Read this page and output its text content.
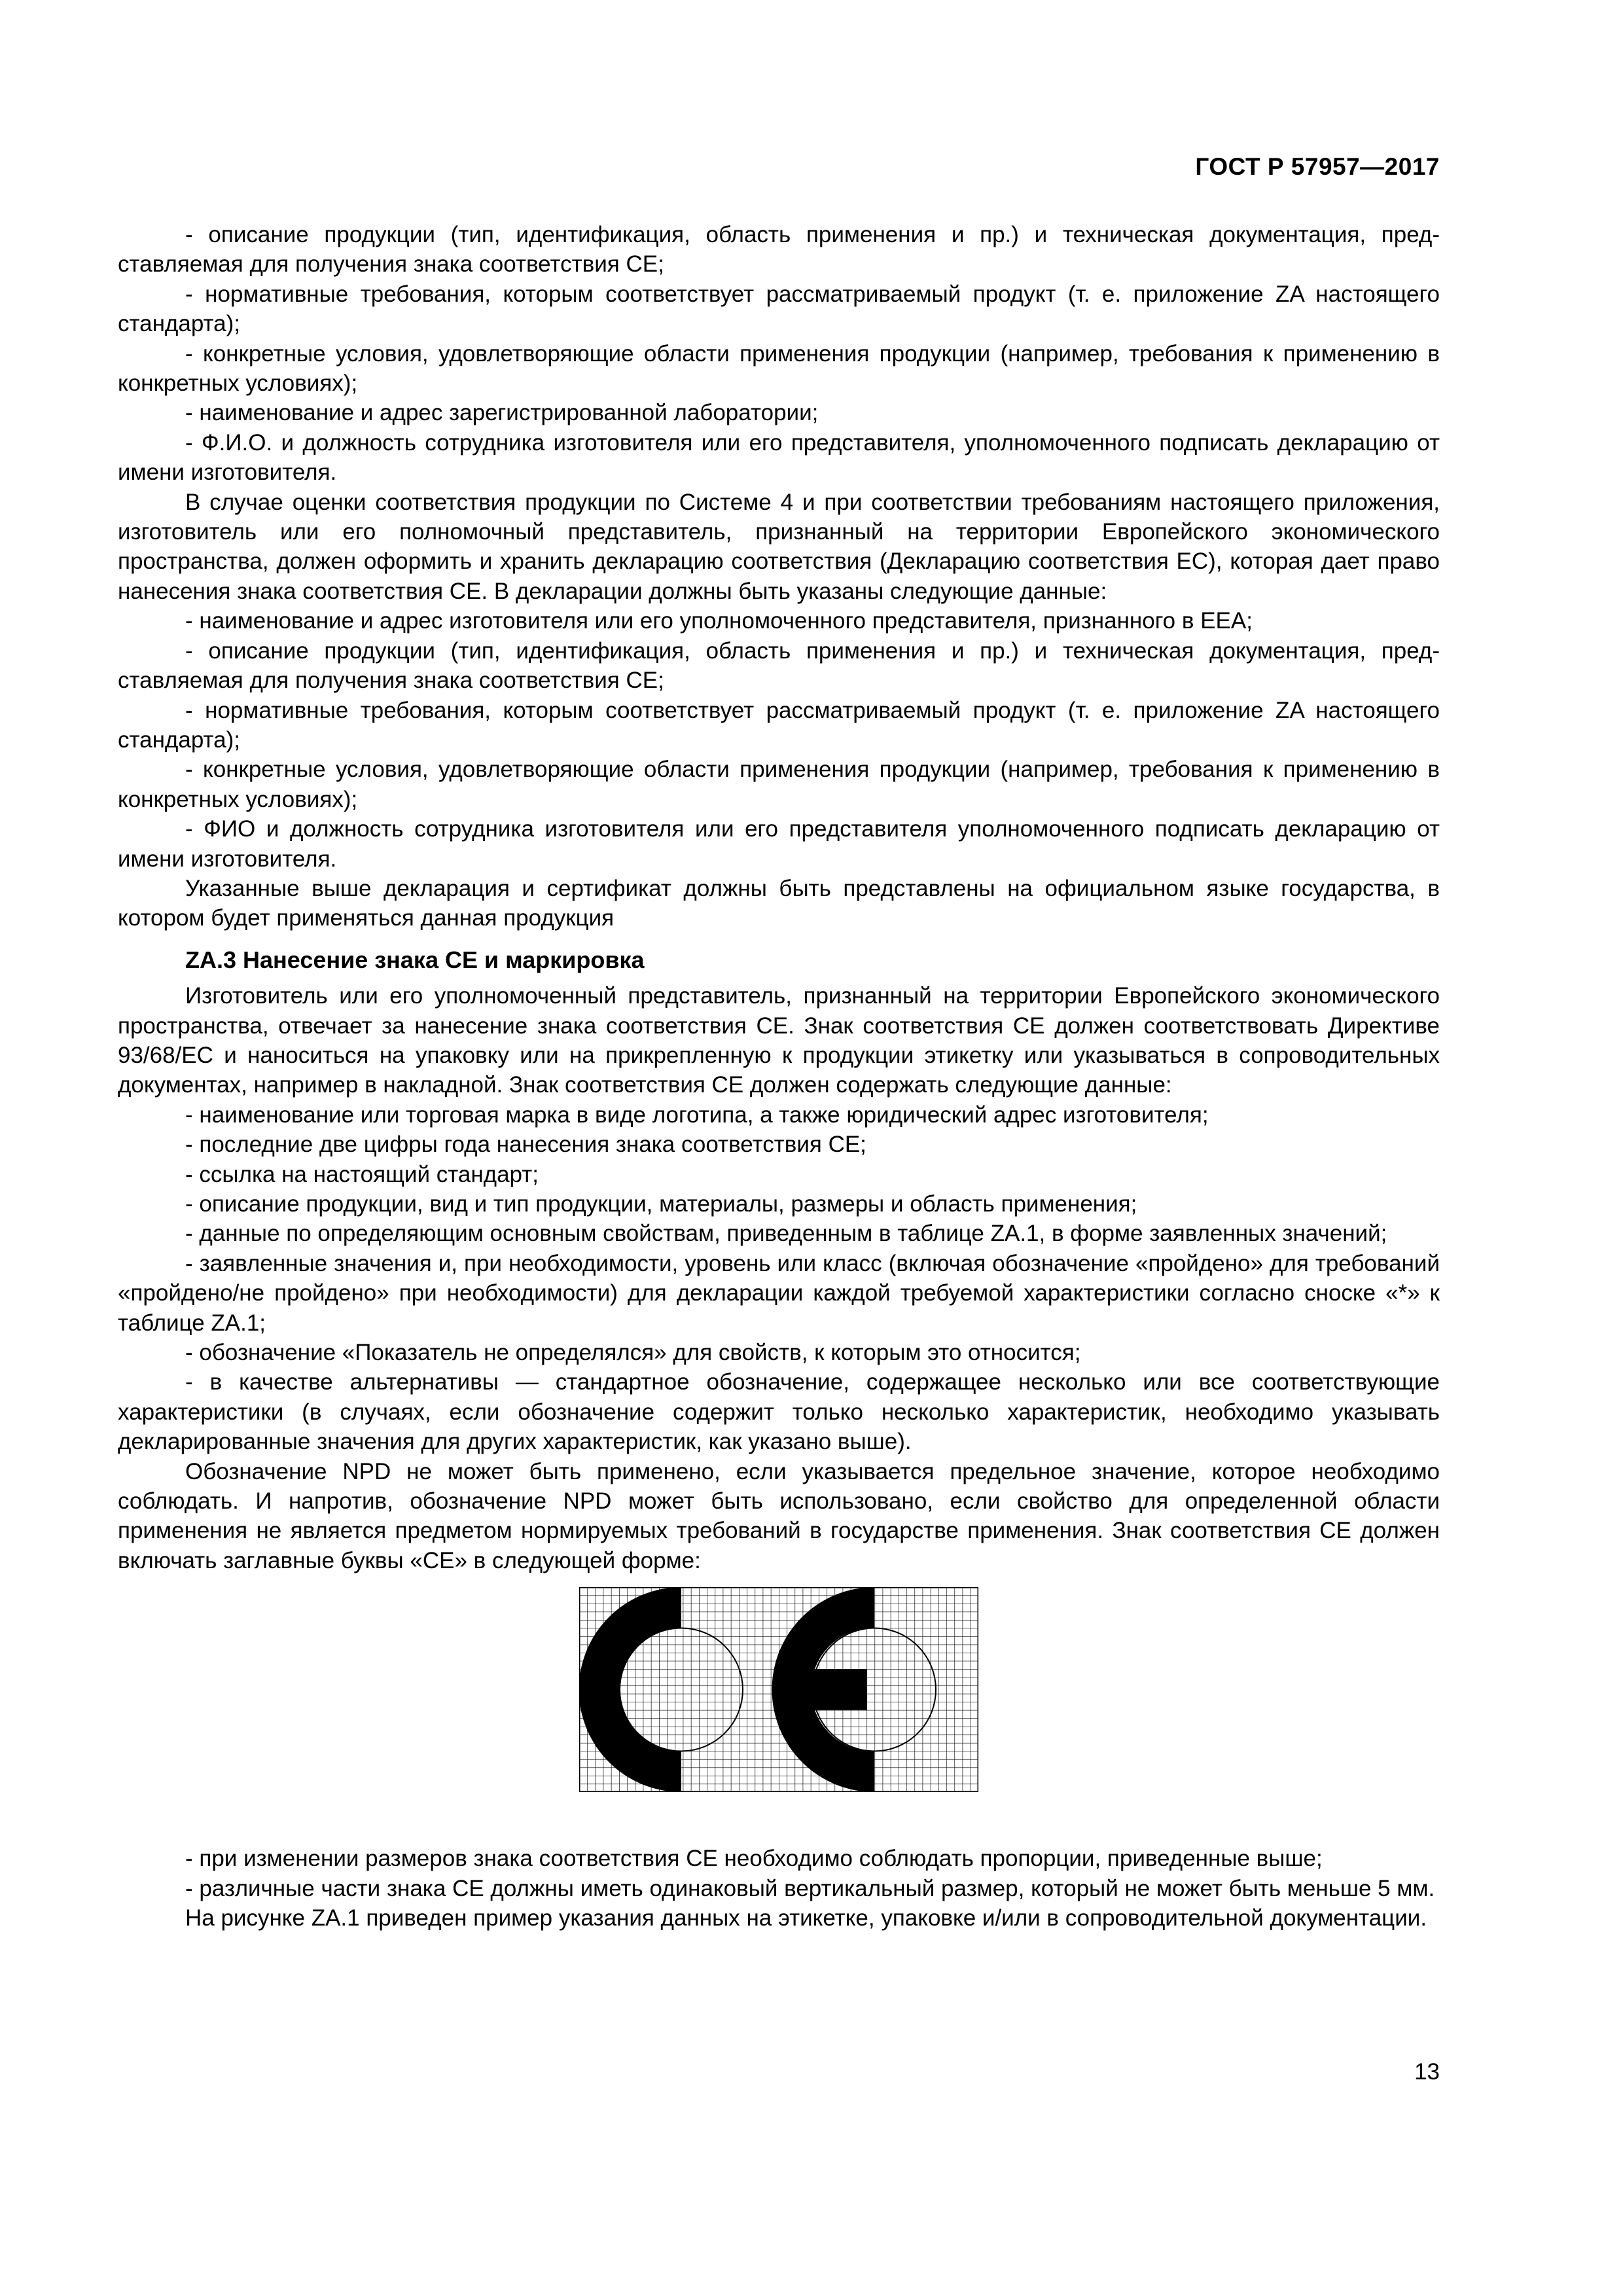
ГОСТ Р 57957—2017

- описание продукции (тип, идентификация, область применения и пр.) и техническая документация, представляемая для получения знака соответствия СЕ;

- нормативные требования, которым соответствует рассматриваемый продукт (т. е. приложение ZA настоящего стандарта);

- конкретные условия, удовлетворяющие области применения продукции (например, требования к применению в конкретных условиях);

- наименование и адрес зарегистрированной лаборатории;

- Ф.И.О. и должность сотрудника изготовителя или его представителя, уполномоченного подписать декларацию от имени изготовителя.

В случае оценки соответствия продукции по Системе 4 и при соответствии требованиям настоящего приложения, изготовитель или его полномочный представитель, признанный на территории Европейского экономического пространства, должен оформить и хранить декларацию соответствия (Декларацию соответствия ЕС), которая дает право нанесения знака соответствия СЕ. В декларации должны быть указаны следующие данные:

- наименование и адрес изготовителя или его уполномоченного представителя, признанного в ЕЕА;

- описание продукции (тип, идентификация, область применения и пр.) и техническая документация, представляемая для получения знака соответствия СЕ;

- нормативные требования, которым соответствует рассматриваемый продукт (т. е. приложение ZA настоящего стандарта);

- конкретные условия, удовлетворяющие области применения продукции (например, требования к применению в конкретных условиях);

- ФИО и должность сотрудника изготовителя или его представителя уполномоченного подписать декларацию от имени изготовителя.

Указанные выше декларация и сертификат должны быть представлены на официальном языке государства, в котором будет применяться данная продукция

ZA.3 Нанесение знака СЕ и маркировка

Изготовитель или его уполномоченный представитель, признанный на территории Европейского экономического пространства, отвечает за нанесение знака соответствия СЕ. Знак соответствия СЕ должен соответствовать Директиве 93/68/ЕС и наноситься на упаковку или на прикрепленную к продукции этикетку или указываться в сопроводительных документах, например в накладной. Знак соответствия СЕ должен содержать следующие данные:

- наименование или торговая марка в виде логотипа, а также юридический адрес изготовителя;

- последние две цифры года нанесения знака соответствия СЕ;

- ссылка на настоящий стандарт;

- описание продукции, вид и тип продукции, материалы, размеры и область применения;

- данные по определяющим основным свойствам, приведенным в таблице ZA.1, в форме заявленных значений;

- заявленные значения и, при необходимости, уровень или класс (включая обозначение «пройдено» для требований «пройдено/не пройдено» при необходимости) для декларации каждой требуемой характеристики согласно сноске «*» к таблице ZA.1;

- обозначение «Показатель не определялся» для свойств, к которым это относится;

- в качестве альтернативы — стандартное обозначение, содержащее несколько или все соответствующие характеристики (в случаях, если обозначение содержит только несколько характеристик, необходимо указывать декларированные значения для других характеристик, как указано выше).

Обозначение NPD не может быть применено, если указывается предельное значение, которое необходимо соблюдать. И напротив, обозначение NPD может быть использовано, если свойство для определенной области применения не является предметом нормируемых требований в государстве применения. Знак соответствия СЕ должен включать заглавные буквы «СЕ» в следующей форме:

- при изменении размеров знака соответствия СЕ необходимо соблюдать пропорции, приведенные выше;

- различные части знака СЕ должны иметь одинаковый вертикальный размер, который не может быть меньше 5 мм.

На рисунке ZA.1 приведен пример указания данных на этикетке, упаковке и/или в сопроводительной документации.

13
